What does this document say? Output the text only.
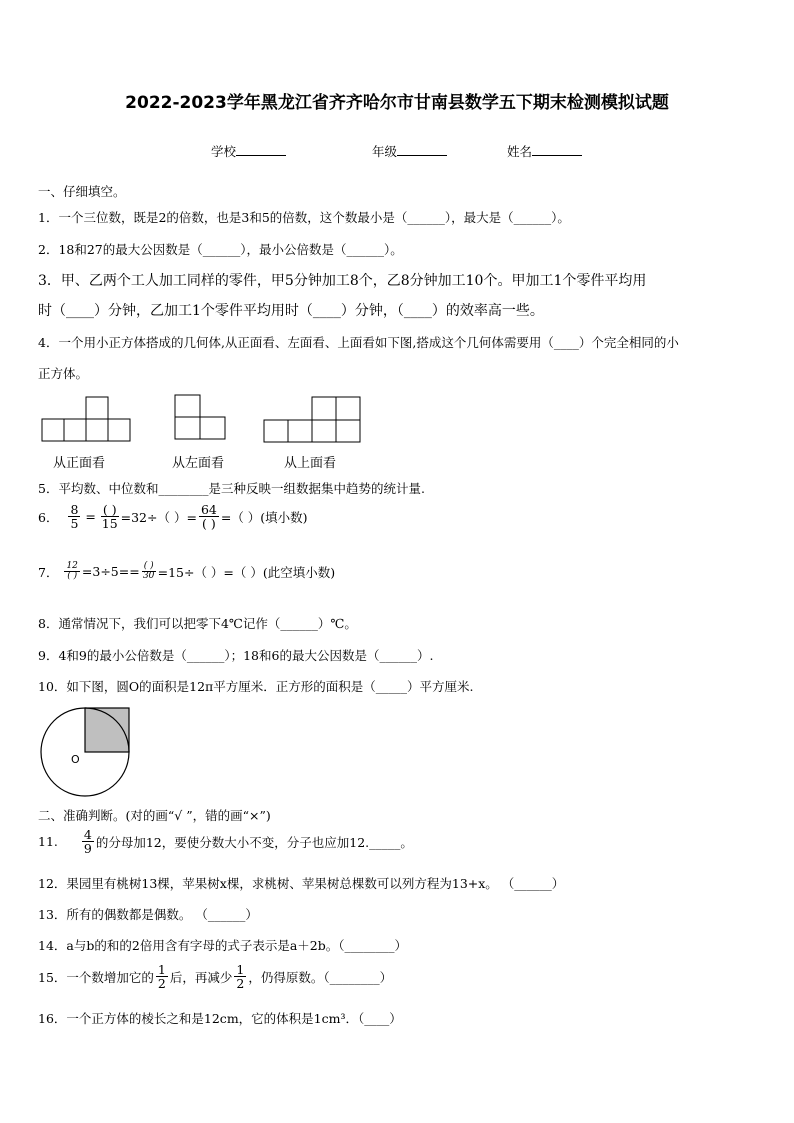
2022-2023学年黑龙江省齐齐哈尔市甘南县数学五下期末检测模拟试题
学校	年级	姓名
一、仔细填空。
1．一个三位数，既是2的倍数，也是3和5的倍数，这个数最小是（______），最大是（______）。
2．18和27的最大公因数是（______），最小公倍数是（______）。
3．甲、乙两个工人加工同样的零件，甲5分钟加工8个，乙8分钟加工10个。甲加工1个零件平均用
时（____）分钟，乙加工1个零件平均用时（____）分钟，（____）的效率高一些。
4．一个用小正方体搭成的几何体,从正面看、左面看、上面看如下图,搭成这个几何体需要用（____）个完全相同的小
正方体。
从正面看	从左面看	从上面看
5．平均数、中位数和________是三种反映一组数据集中趋势的统计量.
6． $\frac{8}{5} = \frac{( )}{15} =32\div$（ ）= $\frac{64}{( )}$ =（ ）(填小数)
7． $\frac{12}{( )} =3\div 5== \frac{( )}{30} =15\div$（ ）=（ ）(此空填小数)
8．通常情况下，我们可以把零下4℃记作（______）℃。
9．4和9的最小公倍数是（______）；18和6的最大公因数是（______）.
10．如下图，圆O的面积是12π平方厘米．正方形的面积是（_____）平方厘米.
O
二、准确判断。(对的画“√ ”，错的画“×”)
11. $\frac{4}{9}$ 的分母加12，要使分数大小不变，分子也应加12._____。
12．果园里有桃树13棵，苹果树x棵，求桃树、苹果树总棵数可以列方程为13+x。 （______）
13．所有的偶数都是偶数。 （______）
14．a与b的和的2倍用含有字母的式子表示是a＋2b。（________）
15．一个数增加它的 $\frac{1}{2}$ 后，再减少 $\frac{1}{2}$ ，仍得原数。（________）
16．一个正方体的棱长之和是12cm，它的体积是1cm³．（____）
